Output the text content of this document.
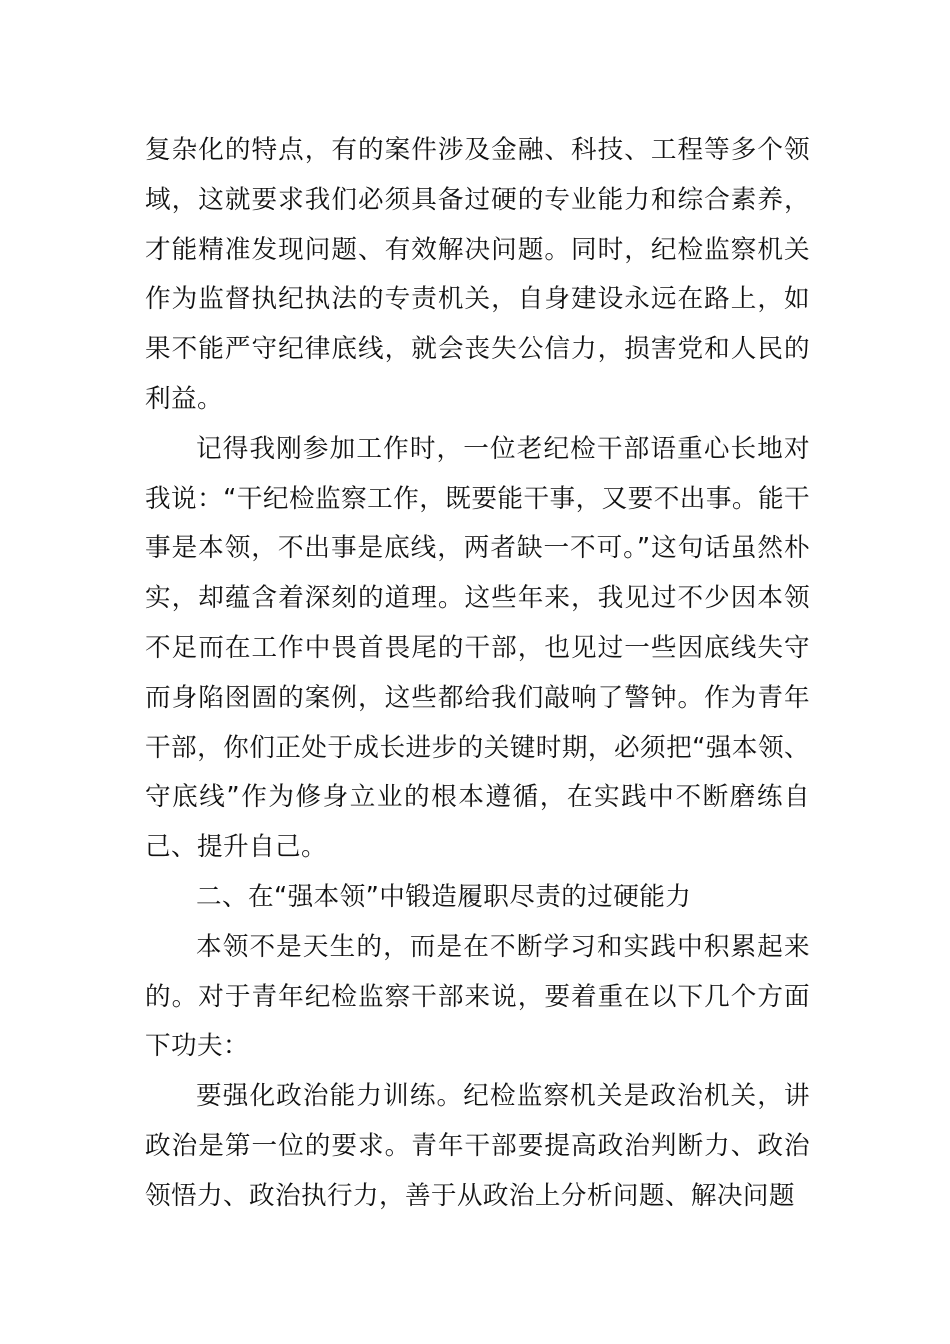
复杂化的特点，有的案件涉及金融、科技、工程等多个领域，这就要求我们必须具备过硬的专业能力和综合素养，才能精准发现问题、有效解决问题。同时，纪检监察机关作为监督执纪执法的专责机关，自身建设永远在路上，如果不能严守纪律底线，就会丧失公信力，损害党和人民的利益。

记得我刚参加工作时，一位老纪检干部语重心长地对我说：“干纪检监察工作，既要能干事，又要不出事。能干事是本领，不出事是底线，两者缺一不可。”这句话虽然朴实，却蕴含着深刻的道理。这些年来，我见过不少因本领不足而在工作中畏首畏尾的干部，也见过一些因底线失守而身陷囹圄的案例，这些都给我们敲响了警钟。作为青年干部，你们正处于成长进步的关键时期，必须把“强本领、守底线”作为修身立业的根本遵循，在实践中不断磨练自己、提升自己。

二、在“强本领”中锻造履职尽责的过硬能力

本领不是天生的，而是在不断学习和实践中积累起来的。对于青年纪检监察干部来说，要着重在以下几个方面下功夫：

要强化政治能力训练。纪检监察机关是政治机关，讲政治是第一位的要求。青年干部要提高政治判断力、政治领悟力、政治执行力，善于从政治上分析问题、解决问题
